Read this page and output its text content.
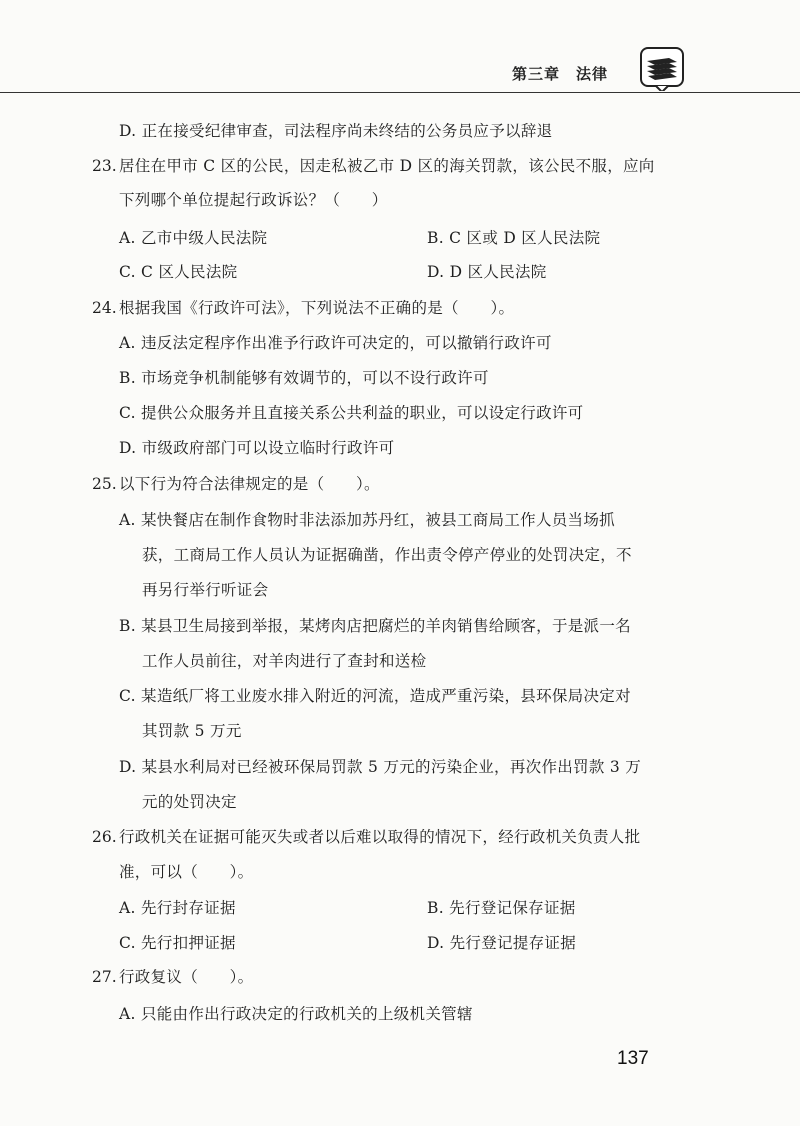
第三章　法律
D. 正在接受纪律审查，司法程序尚未终结的公务员应予以辞退
23. 居住在甲市 C 区的公民，因走私被乙市 D 区的海关罚款，该公民不服，应向
下列哪个单位提起行政诉讼？（　　）
A. 乙市中级人民法院	B. C 区或 D 区人民法院
C. C 区人民法院	D. D 区人民法院
24. 根据我国《行政许可法》，下列说法不正确的是（　　）。
A. 违反法定程序作出准予行政许可决定的，可以撤销行政许可
B. 市场竞争机制能够有效调节的，可以不设行政许可
C. 提供公众服务并且直接关系公共利益的职业，可以设定行政许可
D. 市级政府部门可以设立临时行政许可
25. 以下行为符合法律规定的是（　　）。
A. 某快餐店在制作食物时非法添加苏丹红，被县工商局工作人员当场抓
获，工商局工作人员认为证据确凿，作出责令停产停业的处罚决定，不
再另行举行听证会
B. 某县卫生局接到举报，某烤肉店把腐烂的羊肉销售给顾客，于是派一名
工作人员前往，对羊肉进行了查封和送检
C. 某造纸厂将工业废水排入附近的河流，造成严重污染，县环保局决定对
其罚款 5 万元
D. 某县水利局对已经被环保局罚款 5 万元的污染企业，再次作出罚款 3 万
元的处罚决定
26. 行政机关在证据可能灭失或者以后难以取得的情况下，经行政机关负责人批
准，可以（　　）。
A. 先行封存证据	B. 先行登记保存证据
C. 先行扣押证据	D. 先行登记提存证据
27. 行政复议（　　）。
A. 只能由作出行政决定的行政机关的上级机关管辖
137
